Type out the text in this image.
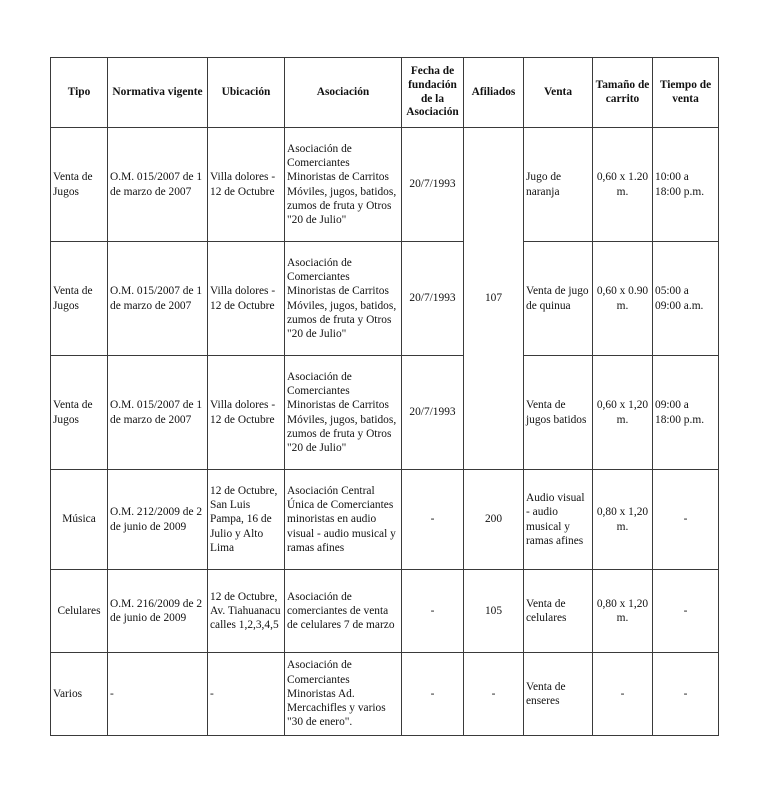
Tipo	Normativa vigente	Ubicación	Asociación	Fecha de fundación de la Asociación	Afiliados	Venta	Tamaño de carrito	Tiempo de venta
Venta de Jugos	O.M. 015/2007 de 1 de marzo de 2007	Villa dolores - 12 de Octubre	Asociación de Comerciantes Minoristas de Carritos Móviles, jugos, batidos, zumos de fruta y Otros "20 de Julio"	20/7/1993	107	Jugo de naranja	0,60 x 1.20 m.	10:00 a 18:00 p.m.
Venta de Jugos	O.M. 015/2007 de 1 de marzo de 2007	Villa dolores - 12 de Octubre	Asociación de Comerciantes Minoristas de Carritos Móviles, jugos, batidos, zumos de fruta y Otros "20 de Julio"	20/7/1993		Venta de jugo de quinua	0,60 x 0.90 m.	05:00 a 09:00 a.m.
Venta de Jugos	O.M. 015/2007 de 1 de marzo de 2007	Villa dolores - 12 de Octubre	Asociación de Comerciantes Minoristas de Carritos Móviles, jugos, batidos, zumos de fruta y Otros "20 de Julio"	20/7/1993		Venta de jugos batidos	0,60 x 1,20 m.	09:00 a 18:00 p.m.
Música	O.M. 212/2009 de 2 de junio de 2009	12 de Octubre, San Luis Pampa, 16 de Julio y Alto Lima	Asociación Central Única de Comerciantes minoristas en audio visual - audio musical y ramas afines	-	200	Audio visual - audio musical y ramas afines	0,80 x 1,20 m.	-
Celulares	O.M. 216/2009 de 2 de junio de 2009	12 de Octubre, Av. Tiahuanacu calles 1,2,3,4,5	Asociación de comerciantes de venta de celulares 7 de marzo	-	105	Venta de celulares	0,80 x 1,20 m.	-
Varios	-	-	Asociación de Comerciantes Minoristas Ad. Mercachifles y varios "30 de enero".	-	-	Venta de enseres	-	-
